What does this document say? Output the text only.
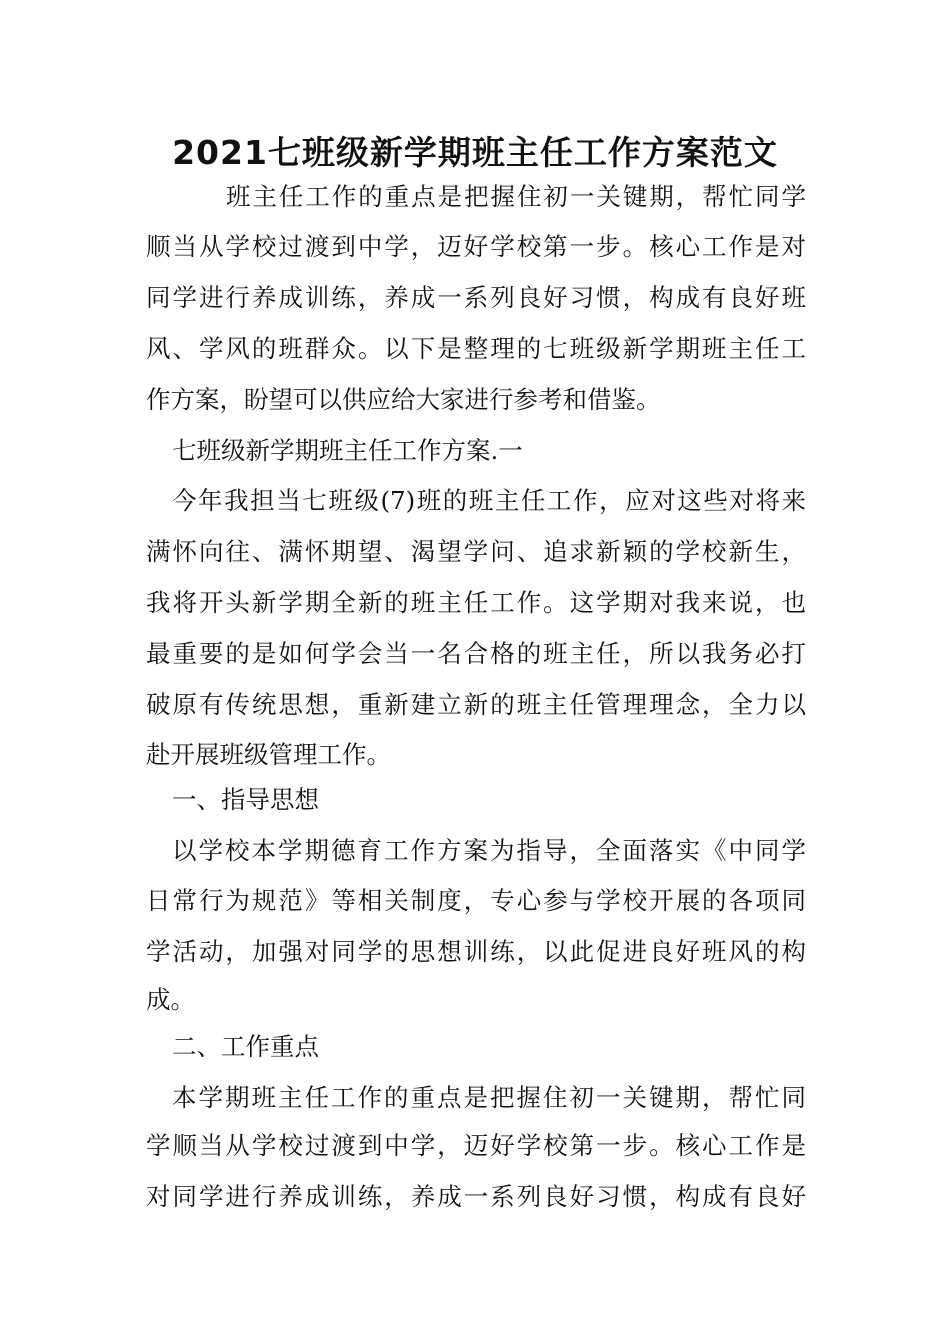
2021七班级新学期班主任工作方案范文
班主任工作的重点是把握住初一关键期，帮忙同学
顺当从学校过渡到中学，迈好学校第一步。核心工作是对
同学进行养成训练，养成一系列良好习惯，构成有良好班
风、学风的班群众。以下是整理的七班级新学期班主任工
作方案，盼望可以供应给大家进行参考和借鉴。
七班级新学期班主任工作方案.一
今年我担当七班级(7)班的班主任工作，应对这些对将来
满怀向往、满怀期望、渴望学问、追求新颖的学校新生，
我将开头新学期全新的班主任工作。这学期对我来说，也
最重要的是如何学会当一名合格的班主任，所以我务必打
破原有传统思想，重新建立新的班主任管理理念，全力以
赴开展班级管理工作。
一、指导思想
以学校本学期德育工作方案为指导，全面落实《中同学
日常行为规范》等相关制度，专心参与学校开展的各项同
学活动，加强对同学的思想训练，以此促进良好班风的构
成。
二、工作重点
本学期班主任工作的重点是把握住初一关键期，帮忙同
学顺当从学校过渡到中学，迈好学校第一步。核心工作是
对同学进行养成训练，养成一系列良好习惯，构成有良好
